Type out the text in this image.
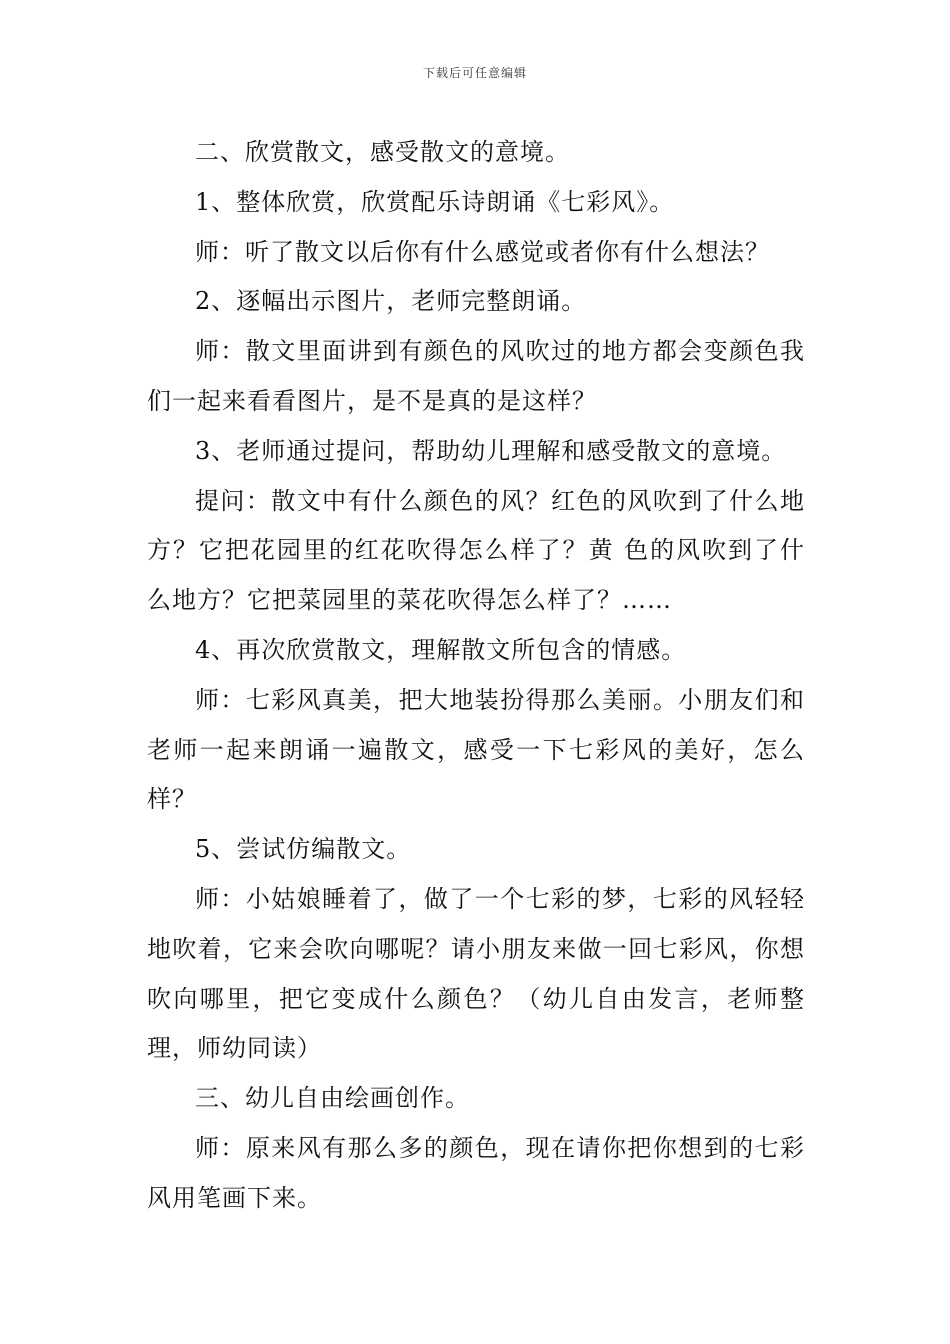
下载后可任意编辑

二、欣赏散文，感受散文的意境。

1、整体欣赏，欣赏配乐诗朗诵《七彩风》。

师：听了散文以后你有什么感觉或者你有什么想法？

2、逐幅出示图片，老师完整朗诵。

师：散文里面讲到有颜色的风吹过的地方都会变颜色我们一起来看看图片，是不是真的是这样？

3、老师通过提问，帮助幼儿理解和感受散文的意境。

提问：散文中有什么颜色的风？红色的风吹到了什么地方？它把花园里的红花吹得怎么样了？黄 色的风吹到了什么地方？它把菜园里的菜花吹得怎么样了？……

4、再次欣赏散文，理解散文所包含的情感。

师：七彩风真美，把大地装扮得那么美丽。小朋友们和老师一起来朗诵一遍散文，感受一下七彩风的美好，怎么样？

5、尝试仿编散文。

师：小姑娘睡着了，做了一个七彩的梦，七彩的风轻轻地吹着，它来会吹向哪呢？请小朋友来做一回七彩风，你想吹向哪里，把它变成什么颜色？（幼儿自由发言，老师整理，师幼同读）

三、幼儿自由绘画创作。

师：原来风有那么多的颜色，现在请你把你想到的七彩风用笔画下来。
